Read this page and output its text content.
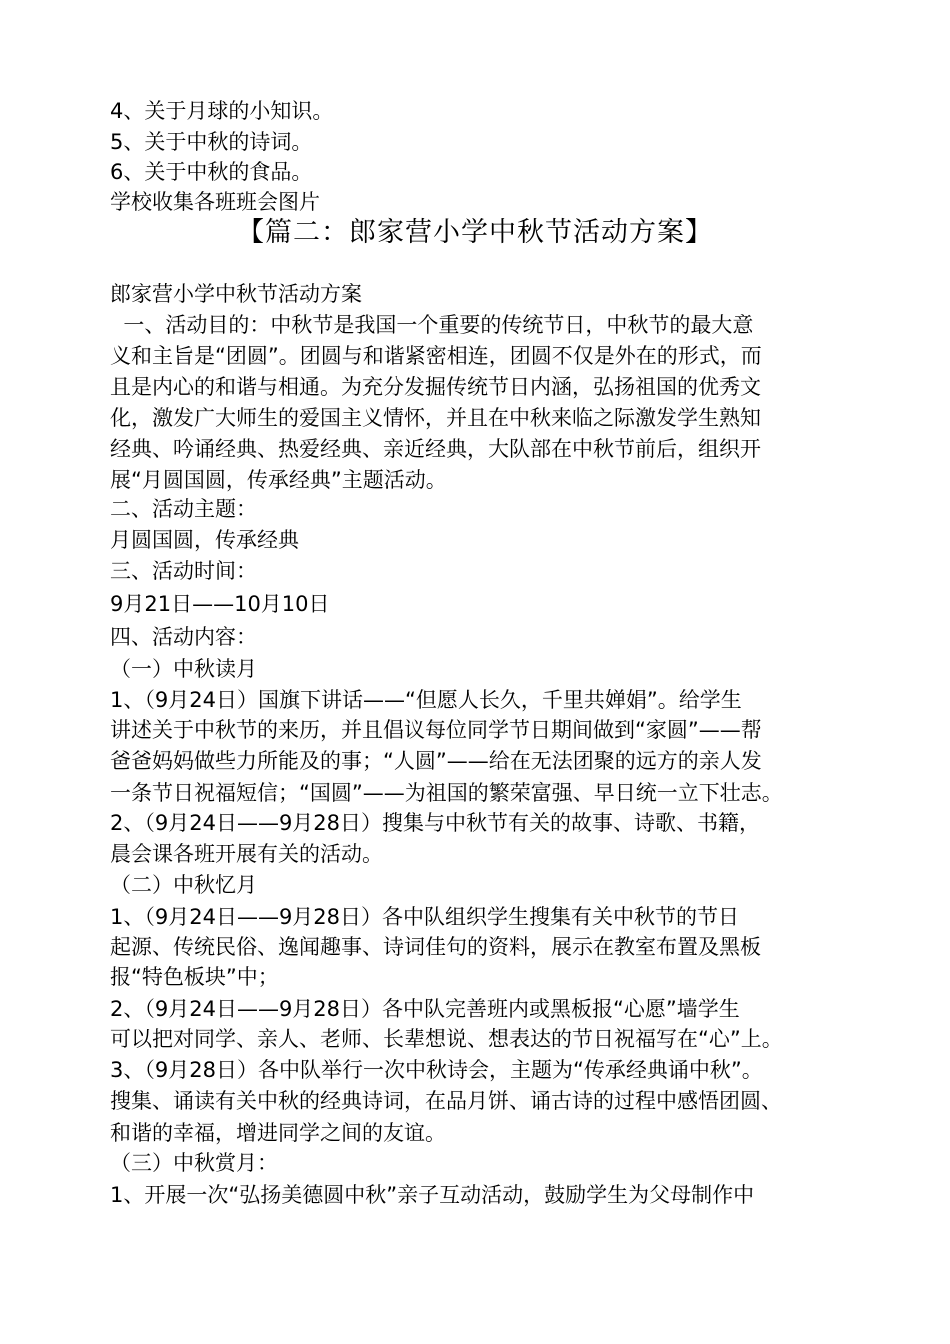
4、关于月球的小知识。
5、关于中秋的诗词。
6、关于中秋的食品。
学校收集各班班会图片
【篇二：郎家营小学中秋节活动方案】
郎家营小学中秋节活动方案
一、活动目的：中秋节是我国一个重要的传统节日，中秋节的最大意
义和主旨是“团圆”。团圆与和谐紧密相连，团圆不仅是外在的形式，而
且是内心的和谐与相通。为充分发掘传统节日内涵，弘扬祖国的优秀文
化，激发广大师生的爱国主义情怀，并且在中秋来临之际激发学生熟知
经典、吟诵经典、热爱经典、亲近经典，大队部在中秋节前后，组织开
展“月圆国圆，传承经典”主题活动。
二、活动主题：
月圆国圆，传承经典
三、活动时间：
9月21日——10月10日
四、活动内容：
（一）中秋读月
1、（9月24日）国旗下讲话——“但愿人长久，千里共婵娟”。给学生
讲述关于中秋节的来历，并且倡议每位同学节日期间做到“家圆”——帮
爸爸妈妈做些力所能及的事；“人圆”——给在无法团聚的远方的亲人发
一条节日祝福短信；“国圆”——为祖国的繁荣富强、早日统一立下壮志。
2、（9月24日——9月28日）搜集与中秋节有关的故事、诗歌、书籍，
晨会课各班开展有关的活动。
（二）中秋忆月
1、（9月24日——9月28日）各中队组织学生搜集有关中秋节的节日
起源、传统民俗、逸闻趣事、诗词佳句的资料，展示在教室布置及黑板
报“特色板块”中；
2、（9月24日——9月28日）各中队完善班内或黑板报“心愿”墙学生
可以把对同学、亲人、老师、长辈想说、想表达的节日祝福写在“心”上。
3、（9月28日）各中队举行一次中秋诗会，主题为“传承经典诵中秋”。
搜集、诵读有关中秋的经典诗词，在品月饼、诵古诗的过程中感悟团圆、
和谐的幸福，增进同学之间的友谊。
（三）中秋赏月：
1、开展一次“弘扬美德圆中秋”亲子互动活动，鼓励学生为父母制作中
